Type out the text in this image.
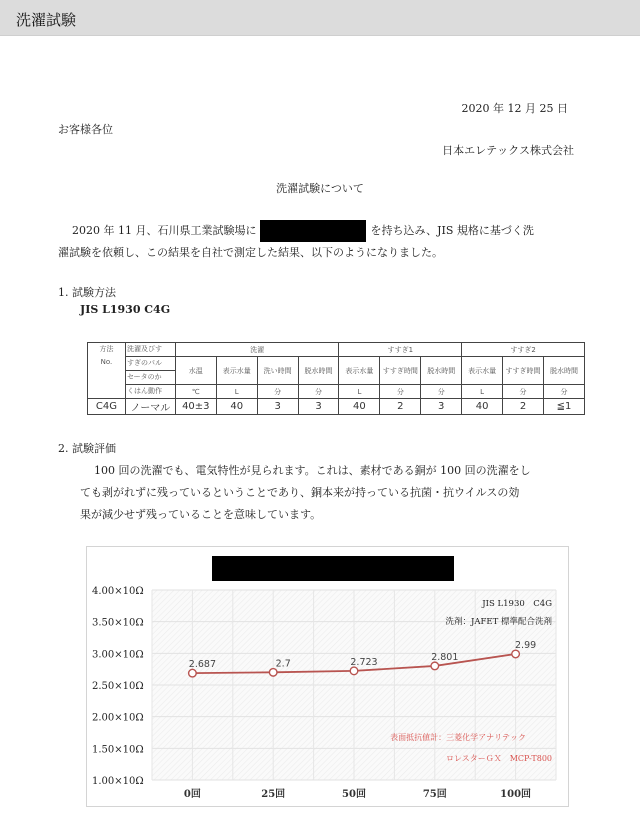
洗濯試験
2020 年 12 月 25 日
お客様各位
日本エレテックス株式会社
洗濯試験について
2020 年 11 月、石川県工業試験場に	を持ち込み、JIS 規格に基づく洗
濯試験を依頼し、この結果を自社で測定した結果、以下のようになりました。
1. 試験方法
JIS L1930 C4G
方法
No.	洗濯及びす	洗濯				すすぎ1			すすぎ2		
	すぎのパル	水温	表示水量	洗い時間	脱水時間	表示水量	すすぎ時間	脱水時間	表示水量	すすぎ時間	脱水時間
	セータのか										
	くはん動作	℃	L	分	分	L	分	分	L	分	分
C4G	ノーマル	40±3	40	3	3	40	2	3	40	2	≦1
2. 試験評価
100 回の洗濯でも、電気特性が見られます。これは、素材である銅が 100 回の洗濯をし
ても剥がれずに残っているということであり、銅本来が持っている抗菌・抗ウイルスの効
果が減少せず残っていることを意味しています。
1.00×10Ω
1.50×10Ω
2.00×10Ω
2.50×10Ω
3.00×10Ω
3.50×10Ω
4.00×10Ω
0回	25回	50回	75回	100回
2.687	2.7	2.723	2.801
2.99
JIS L1930　C4G
洗剤：JAFET 標準配合洗剤
表面抵抗値計：三菱化学アナリテック
ロレスターＧＸ　MCP-T800
